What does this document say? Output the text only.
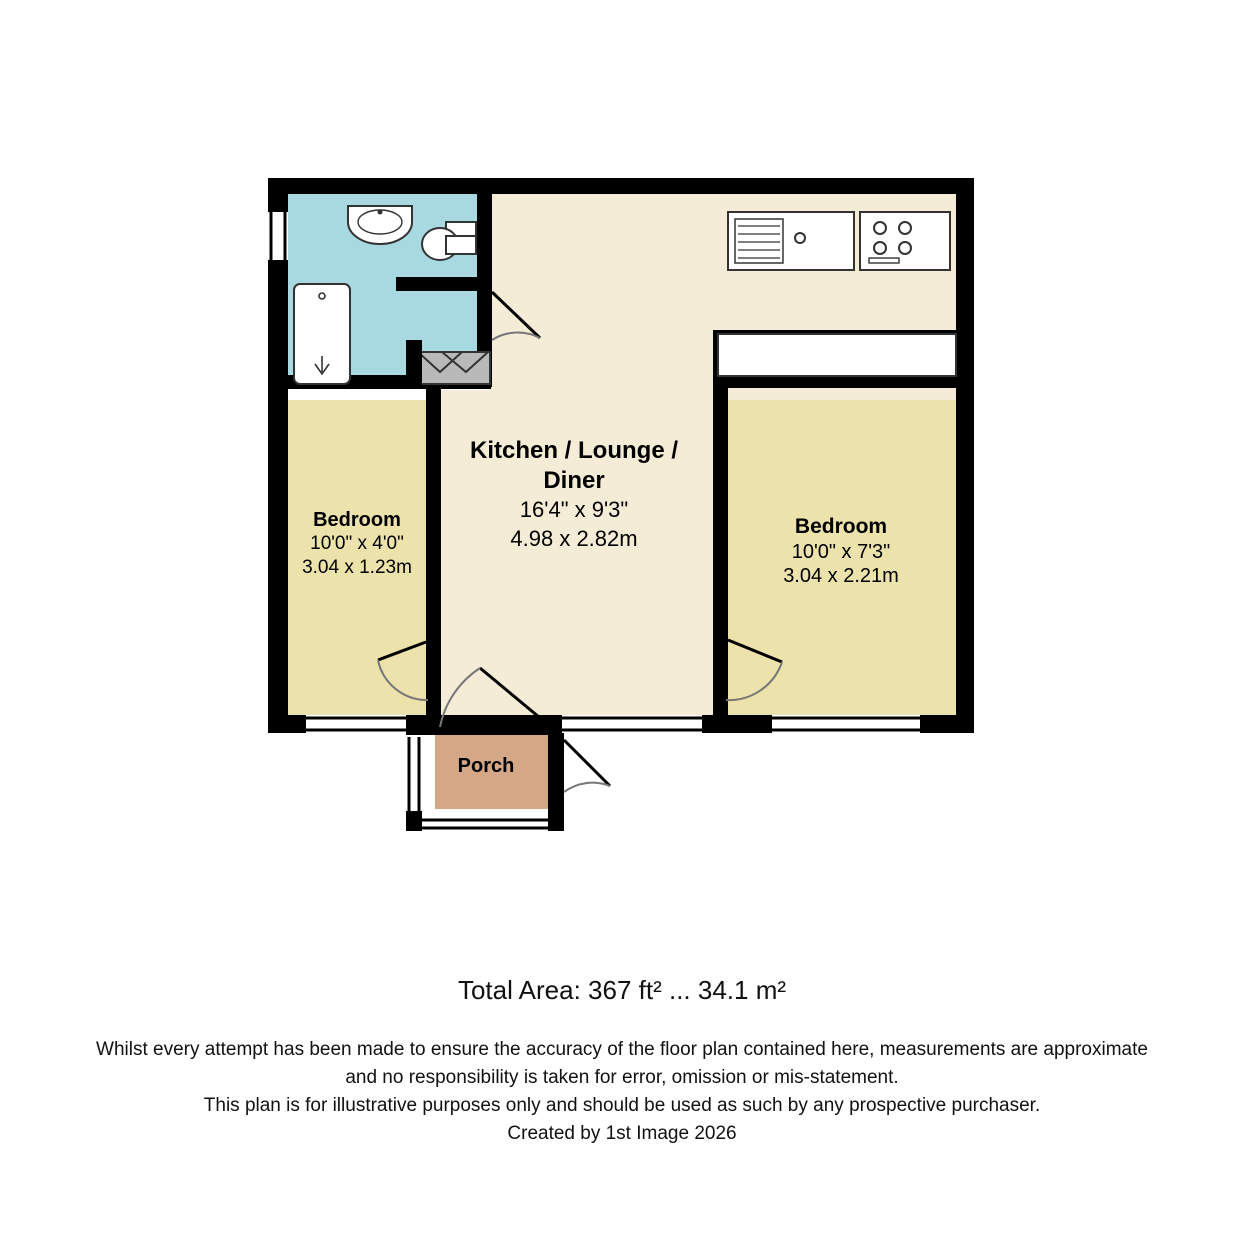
Kitchen / Lounge /
Diner
16'4" x 9'3"
4.98 x 2.82m
Bedroom
10'0" x 4'0"
3.04 x 1.23m
Bedroom
10'0" x 7'3"
3.04 x 2.21m
Porch
Total Area: 367 ft² ... 34.1 m²
Whilst every attempt has been made to ensure the accuracy of the floor plan contained here, measurements are approximate
and no responsibility is taken for error, omission or mis-statement.
This plan is for illustrative purposes only and should be used as such by any prospective purchaser.
Created by 1st Image 2026
